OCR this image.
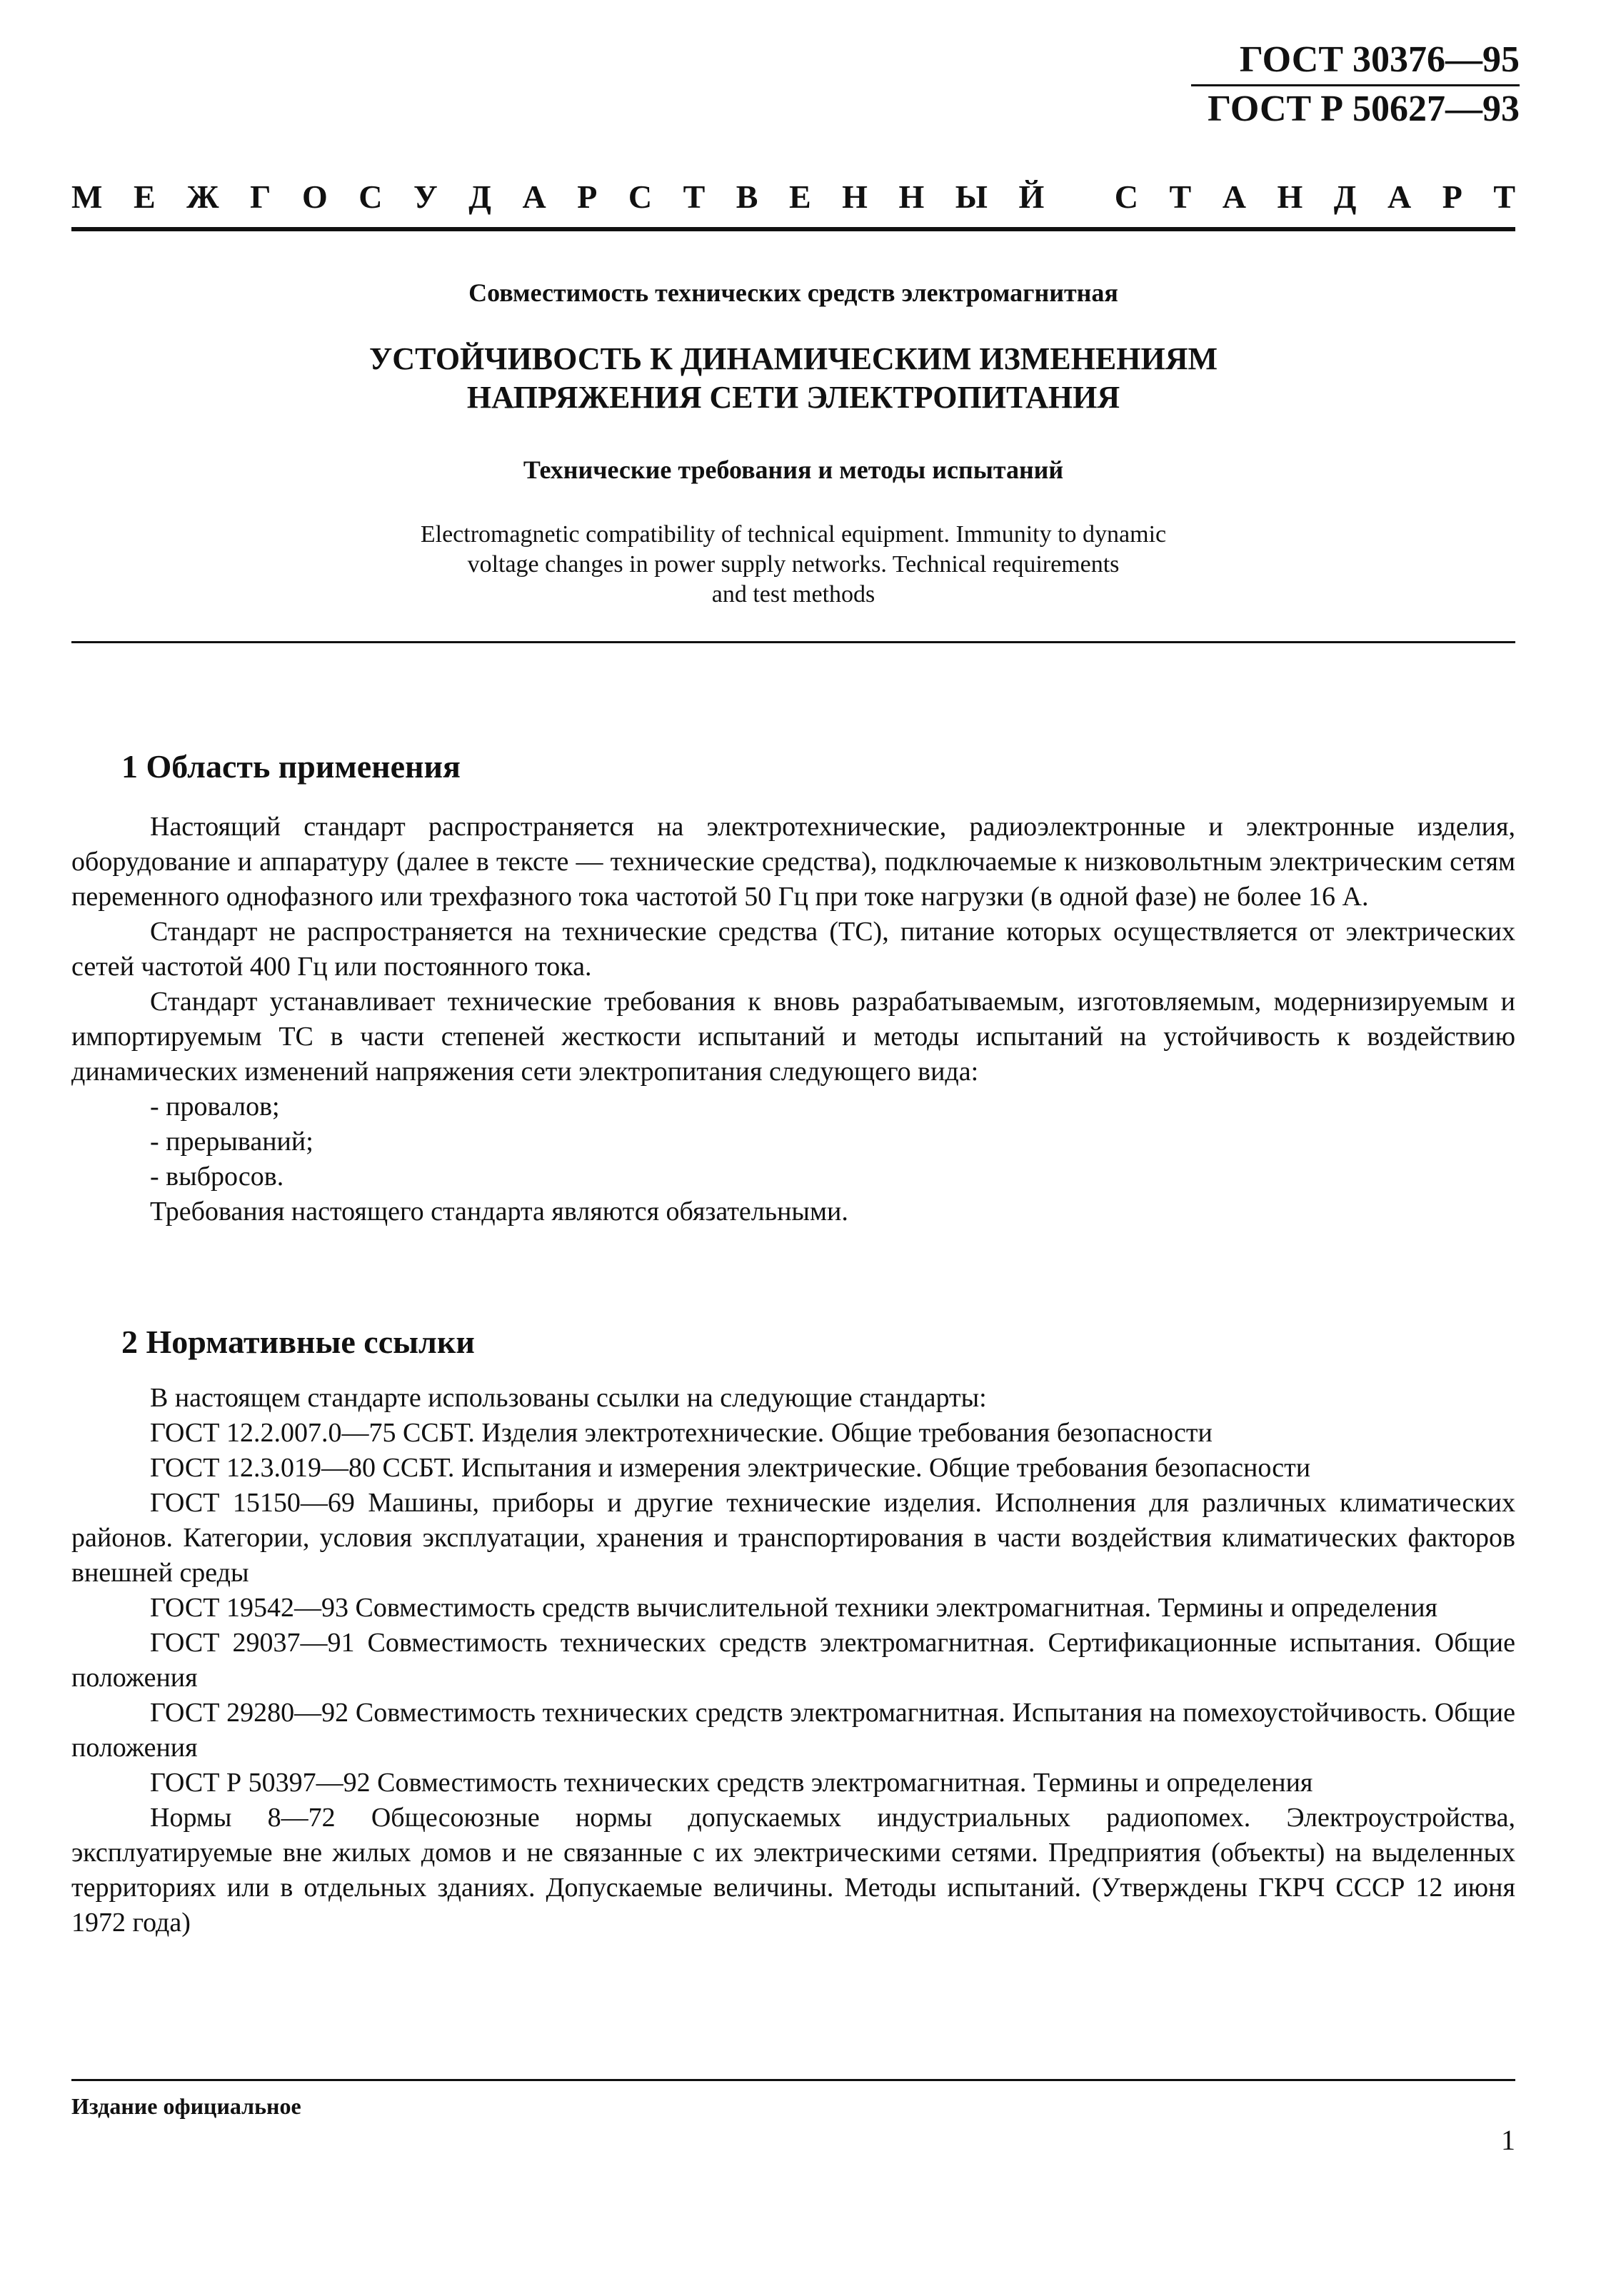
ГОСТ 30376—95
ГОСТ Р 50627—93
М Е Ж Г О С У Д А Р С Т В Е Н Н Ы Й
С Т А Н Д А Р Т
Совместимость технических средств электромагнитная
УСТОЙЧИВОСТЬ К ДИНАМИЧЕСКИМ ИЗМЕНЕНИЯМ
НАПРЯЖЕНИЯ СЕТИ ЭЛЕКТРОПИТАНИЯ
Технические требования и методы испытаний
Electromagnetic compatibility of technical equipment. Immunity to dynamic
voltage changes in power supply networks. Technical requirements
and test methods
1 Область применения

Настоящий стандарт распространяется на электротехнические, радиоэлектронные и электронные изделия, оборудование и аппаратуру (далее в тексте — технические средства), подключаемые к низковольтным электрическим сетям переменного однофазного или трехфазного тока частотой 50 Гц при токе нагрузки (в одной фазе) не более 16 А.

Стандарт не распространяется на технические средства (ТС), питание которых осуществляется от электрических сетей частотой 400 Гц или постоянного тока.

Стандарт устанавливает технические требования к вновь разрабатываемым, изготовляемым, модернизируемым и импортируемым ТС в части степеней жесткости испытаний и методы испытаний на устойчивость к воздействию динамических изменений напряжения сети электропитания следующего вида:

- провалов;

- прерываний;

- выбросов.

Требования настоящего стандарта являются обязательными.

2 Нормативные ссылки

В настоящем стандарте использованы ссылки на следующие стандарты:

ГОСТ 12.2.007.0—75 ССБТ. Изделия электротехнические. Общие требования безопасности

ГОСТ 12.3.019—80 ССБТ. Испытания и измерения электрические. Общие требования безопасности

ГОСТ 15150—69 Машины, приборы и другие технические изделия. Исполнения для различных климатических районов. Категории, условия эксплуатации, хранения и транспортирования в части воздействия климатических факторов внешней среды

ГОСТ 19542—93 Совместимость средств вычислительной техники электромагнитная. Термины и определения

ГОСТ 29037—91 Совместимость технических средств электромагнитная. Сертификационные испытания. Общие положения

ГОСТ 29280—92 Совместимость технических средств электромагнитная. Испытания на помехоустойчивость. Общие положения

ГОСТ Р 50397—92 Совместимость технических средств электромагнитная. Термины и определения

Нормы 8—72 Общесоюзные нормы допускаемых индустриальных радиопомех. Электроустройства, эксплуатируемые вне жилых домов и не связанные с их электрическими сетями. Предприятия (объекты) на выделенных территориях или в отдельных зданиях. Допускаемые величины. Методы испытаний. (Утверждены ГКРЧ СССР 12 июня 1972 года)

Издание официальное
1
